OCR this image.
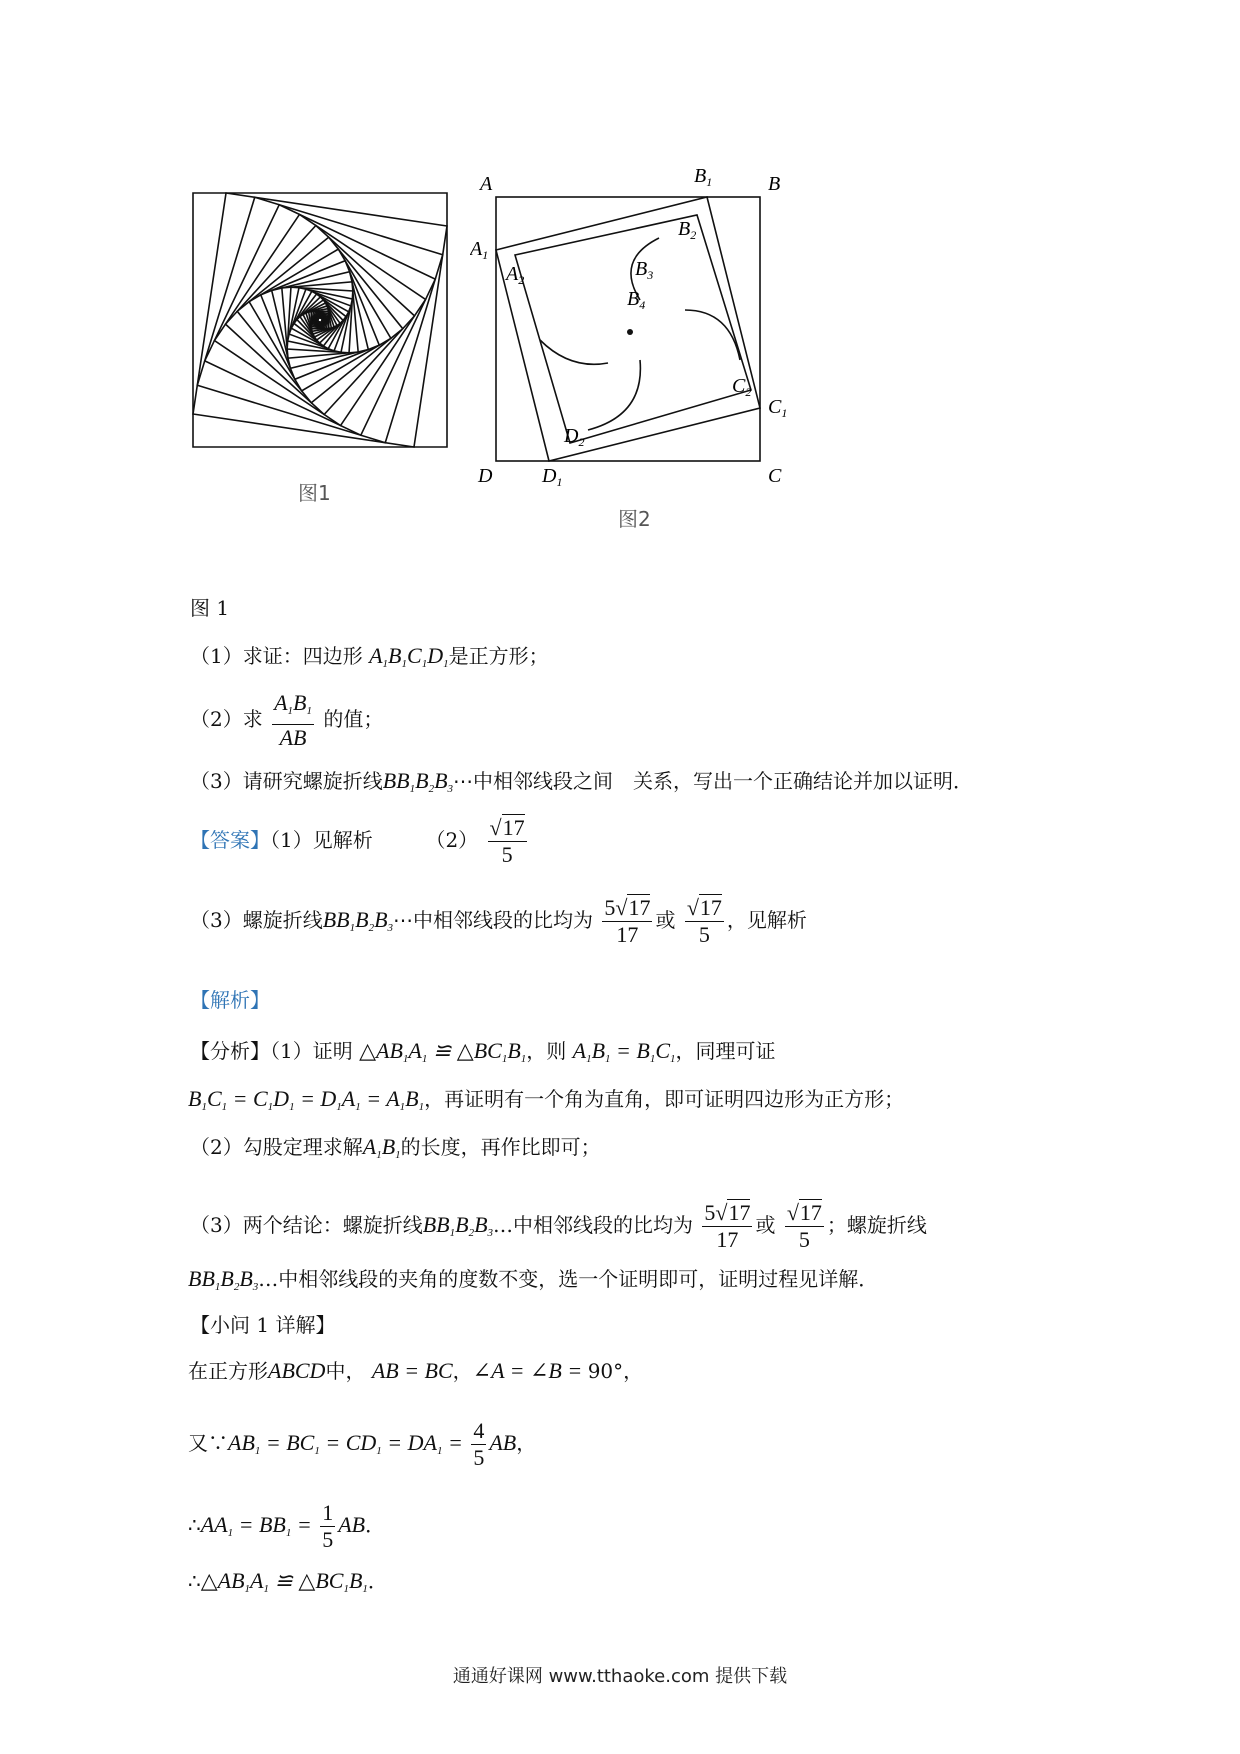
图1
A	$B_1$	B
$A_1$
$A_2$
$B_2$
$B_3$
$B_4$
$C_2$
$C_1$
$D_2$
D $D_1$	C
图2
图 1
（1）求证：四边形 $A_1B_1C_1D_1$是正方形；
（2）求 $\frac{A_1B_1}{AB}$ 的值；
（3）请研究螺旋折线$BB_1B_2B_3\cdots$中相邻线段之间　关系，写出一个正确结论并加以证明．
【答案】（1）见解析	$(2) \frac{√17}{5}$
（3）螺旋折线$BB_1B_2B_3\cdots$中相邻线段的比均为 $\frac{5√17}{17}$ 或 $\frac{√17}{5}$ ，见解析
【解析】
【分析】（1）证明 $\triangle AB_1A_1$ ≌ $\triangle BC_1B_1$，则 $A_1B_1 = B_1C_1$，同理可证
$B_1C_1 = C_1D_1 = D_1A_1 = A_1B_1$，再证明有一个角为直角，即可证明四边形为正方形；
（2）勾股定理求解$A_1B_1$的长度，再作比即可；
（3）两个结论：螺旋折线$BB_1B_2B_3\dots$中相邻线段的比均为 $\frac{5√17}{17}$ 或 $\frac{√17}{5}$ ；螺旋折线
$BB_1B_2B_3\dots$中相邻线段的夹角的度数不变，选一个证明即可，证明过程见详解．
【小问 1 详解】
在正方形ABCD中， AB = BC，∠A = ∠B = 90°，
又$\because AB_1 = BC_1 = CD_1 = DA_1 = \frac{4}{5}$ AB，
$\therefore AA_1 = BB_1 = \frac{1}{5}$ AB．
$\therefore\triangle AB_1A_1$ ≌ $\triangle BC_1B_1$．
通通好课网 www.tthaoke.com 提供下载
